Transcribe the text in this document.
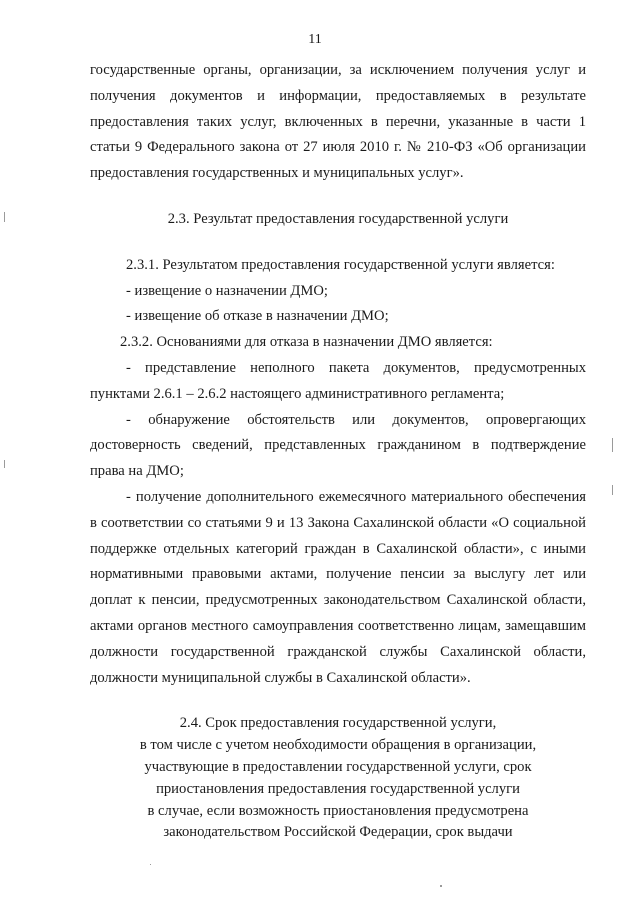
11
государственные органы, организации, за исключением получения услуг и
получения документов и информации, предоставляемых в результате
предоставления таких услуг, включенных в перечни, указанные в части 1
статьи 9 Федерального закона от 27 июля 2010 г. № 210-ФЗ «Об организации
предоставления государственных и муниципальных услуг».
2.3. Результат предоставления государственной услуги
2.3.1. Результатом предоставления государственной услуги является:
- извещение о назначении ДМО;
- извещение об отказе в назначении ДМО;
2.3.2. Основаниями для отказа в назначении ДМО является:
- представление неполного пакета документов, предусмотренных
пунктами 2.6.1 – 2.6.2 настоящего административного регламента;
- обнаружение обстоятельств или документов, опровергающих
достоверность сведений, представленных гражданином в подтверждение
права на ДМО;
- получение дополнительного ежемесячного материального обеспечения
в соответствии со статьями 9 и 13 Закона Сахалинской области «О социальной
поддержке отдельных категорий граждан в Сахалинской области», с иными
нормативными правовыми актами, получение пенсии за выслугу лет или
доплат к пенсии, предусмотренных законодательством Сахалинской области,
актами органов местного самоуправления соответственно лицам, замещавшим
должности государственной гражданской службы Сахалинской области,
должности муниципальной службы в Сахалинской области».
2.4. Срок предоставления государственной услуги,
в том числе с учетом необходимости обращения в организации,
участвующие в предоставлении государственной услуги, срок
приостановления предоставления государственной услуги
в случае, если возможность приостановления предусмотрена
законодательством Российской Федерации, срок выдачи
